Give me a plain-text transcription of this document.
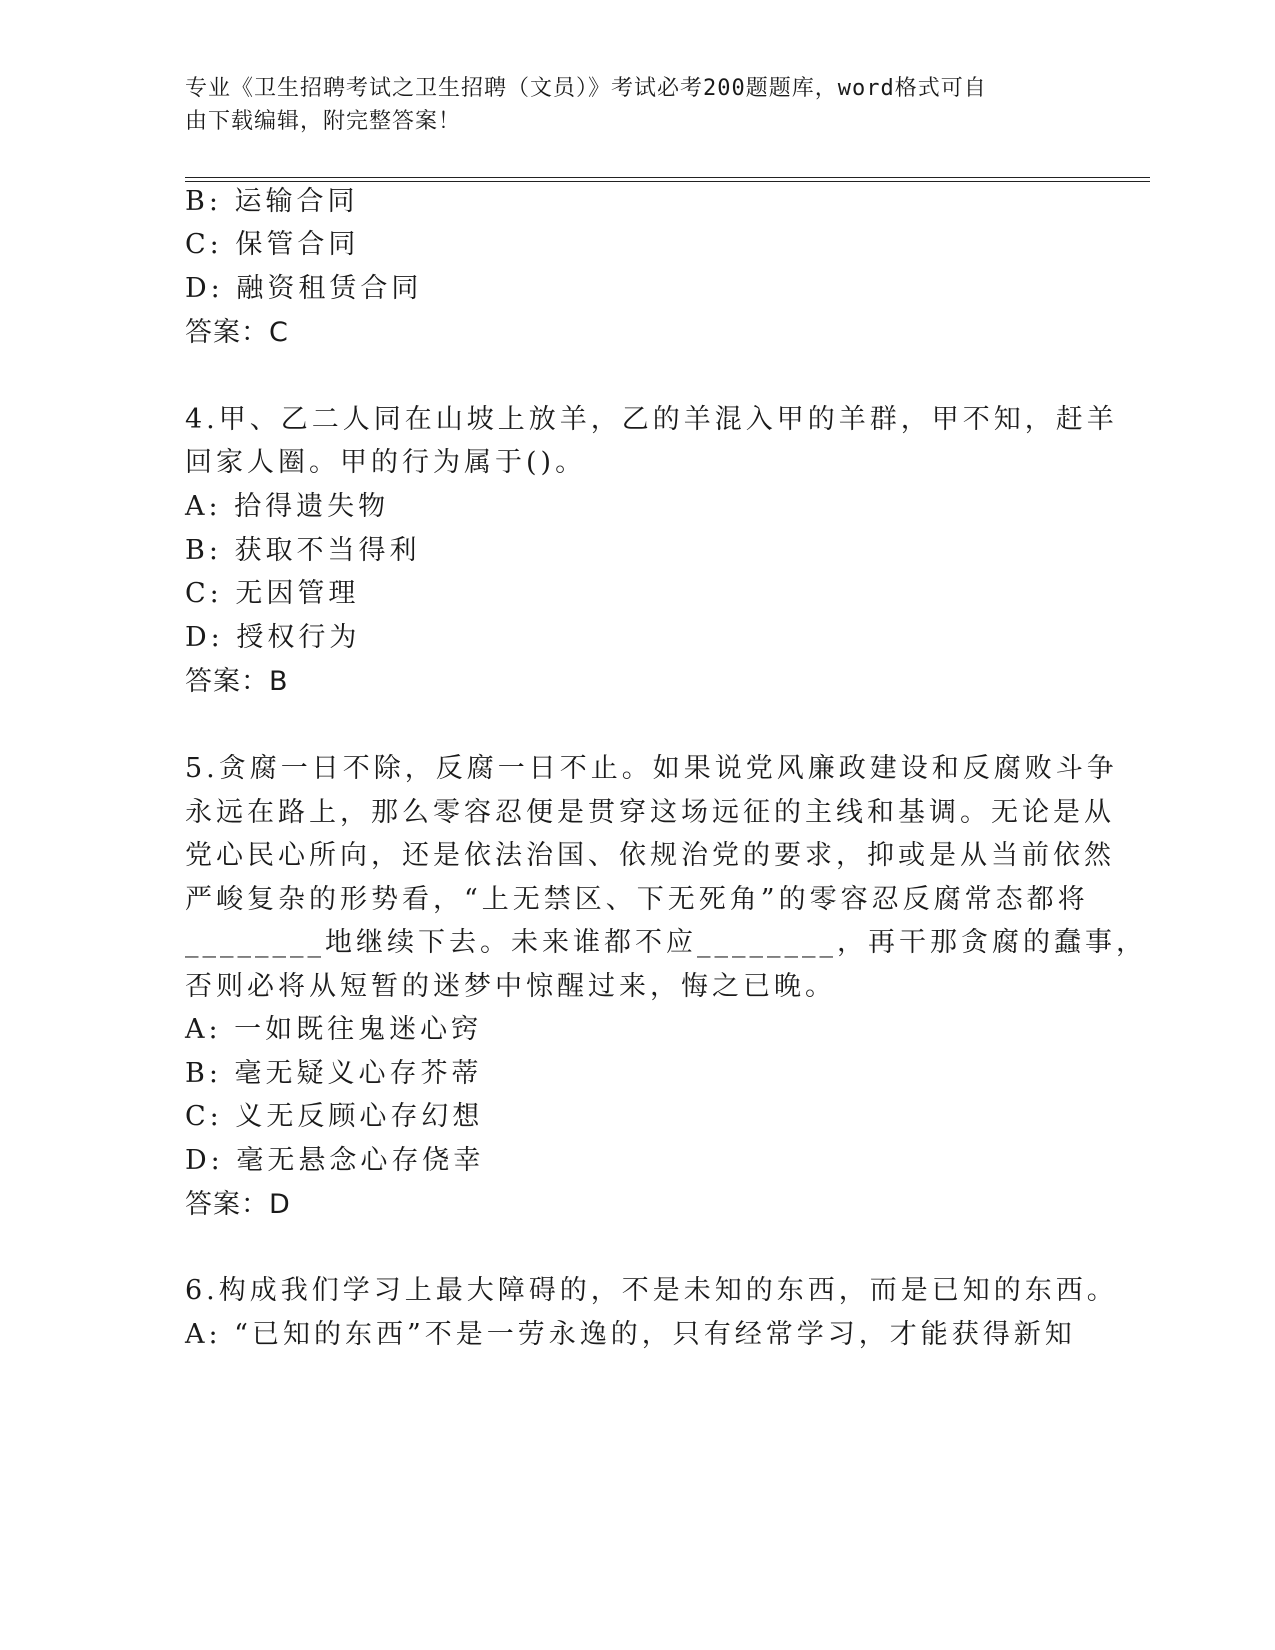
专业《卫生招聘考试之卫生招聘（文员）》考试必考200题题库，word格式可自
由下载编辑，附完整答案！
B: 运输合同
C: 保管合同
D: 融资租赁合同
答案：C
4.甲、乙二人同在山坡上放羊，乙的羊混入甲的羊群，甲不知，赶羊
回家人圈。甲的行为属于()。
A: 拾得遗失物
B: 获取不当得利
C: 无因管理
D: 授权行为
答案：B
5.贪腐一日不除，反腐一日不止。如果说党风廉政建设和反腐败斗争
永远在路上，那么零容忍便是贯穿这场远征的主线和基调。无论是从
党心民心所向，还是依法治国、依规治党的要求，抑或是从当前依然
严峻复杂的形势看，“上无禁区、下无死角”的零容忍反腐常态都将
________地继续下去。未来谁都不应________，再干那贪腐的蠢事，
否则必将从短暂的迷梦中惊醒过来，悔之已晚。
A: 一如既往鬼迷心窍
B: 毫无疑义心存芥蒂
C: 义无反顾心存幻想
D: 毫无悬念心存侥幸
答案：D
6.构成我们学习上最大障碍的，不是未知的东西，而是已知的东西。
A: “已知的东西”不是一劳永逸的，只有经常学习，才能获得新知
